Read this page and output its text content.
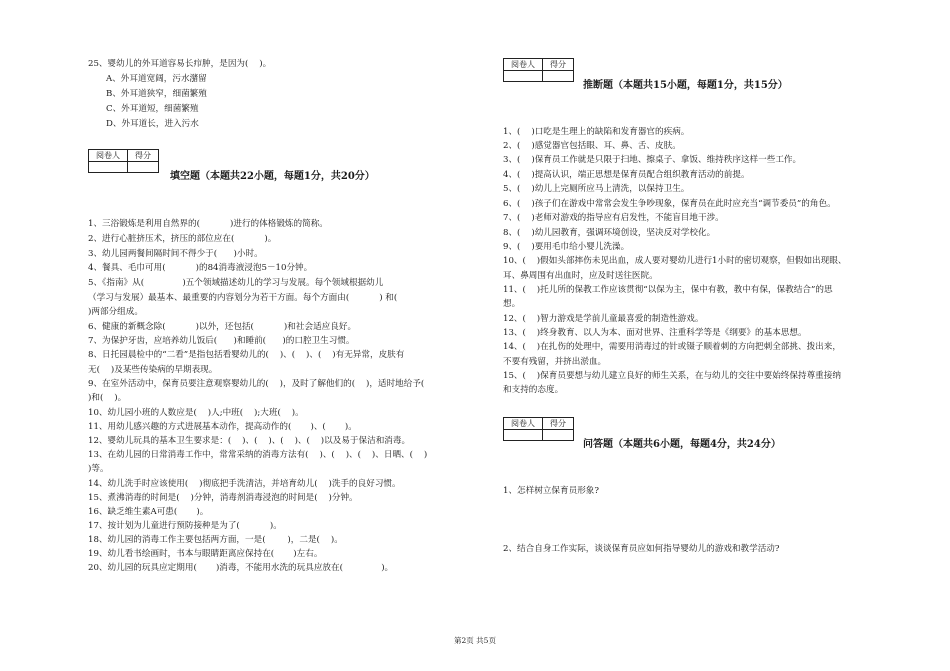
25、婴幼儿的外耳道容易长疖肿，是因为(    )。
A、外耳道宽阔，污水潴留
B、外耳道狭窄，细菌繁殖
C、外耳道短，细菌繁殖
D、外耳道长，进入污水
阅卷人	得分

填空题（本题共22小题，每题1分，共20分）
1、三浴锻炼是利用自然界的(           )进行的体格锻炼的简称。
2、进行心脏挤压术，挤压的部位应在(           )。
3、幼儿园两餐间隔时间不得少于(      )小时。
4、餐具、毛巾可用(           )的84消毒液浸泡5－10分钟。
5、《指南》从(              )五个领域描述幼儿的学习与发展。每个领域根据幼儿
（学习与发展）最基本、最重要的内容划分为若干方面。每个方面由(           ) 和(
)两部分组成。
6、健康的新概念除(           )以外，还包括(           )和社会适应良好。
7、为保护牙齿，应培养幼儿饭后(      )和睡前(      )的口腔卫生习惯。
8、日托园晨检中的“二看”是指包括看婴幼儿的(    )、(    )、(    )有无异常，皮肤有
无(    )及某些传染病的早期表现。
9、在室外活动中，保育员要注意观察婴幼儿的(    )，及时了解他们的(    )，适时地给予(
)和(    )。
10、幼儿园小班的人数应是(    )人;中班(    );大班(    )。
11、用幼儿感兴趣的方式进展基本动作，提高动作的(       )、(       )。
12、婴幼儿玩具的基本卫生要求是：(    )、(    )、(    )、(    )以及易于保洁和消毒。
13、在幼儿园的日常消毒工作中，常常采纳的消毒方法有(    )、(    )、(    )、日晒、(    )
)等。
14、幼儿洗手时应该使用(    )彻底把手洗清洁，并培育幼儿(    )洗手的良好习惯。
15、煮沸消毒的时间是(    )分钟，消毒剂消毒浸泡的时间是(    )分钟。
16、缺乏维生素A可患(       )。
17、按计划为儿童进行预防接种是为了(           )。
18、幼儿园的消毒工作主要包括两方面，一是(        )，二是(    )。
19、幼儿看书绘画时，书本与眼睛距离应保持在(       )左右。
20、幼儿园的玩具应定期用(       )消毒，不能用水洗的玩具应放在(              )。
阅卷人	得分

推断题（本题共15小题，每题1分，共15分）
1、(    )口吃是生理上的缺陷和发育器官的疾病。
2、(    )感觉器官包括眼、耳、鼻、舌、皮肤。
3、(    )保育员工作就是只限于扫地、擦桌子、拿饭、维持秩序这样一些工作。
4、(    )提高认识，端正思想是保育员配合组织教育活动的前提。
5、(    )幼儿上完厕所应马上清洗，以保持卫生。
6、(    )孩子们在游戏中常常会发生争吵现象，保育员在此时应充当“调节委员”的角色。
7、(    )老师对游戏的指导应有启发性，不能盲目地干涉。
8、(    )幼儿园教育，强调环境创设，坚决反对学校化。
9、(    )要用毛巾给小婴儿洗澡。
10、(    )假如头部摔伤未见出血，成人要对婴幼儿进行1小时的密切观察，但假如出现眼、
耳、鼻周围有出血时，应及时送往医院。
11、(    )托儿所的保教工作应该贯彻“以保为主，保中有教，教中有保，保教结合”的思
想。
12、(    )智力游戏是学前儿童最喜爱的制造性游戏。
13、(    )终身教育、以人为本、面对世界、注重科学等是《纲要》的基本思想。
14、(    )在扎伤的处理中，需要用消毒过的针或镊子顺着刺的方向把刺全部挑、拨出来，
不要有残留，并挤出淤血。
15、(    )保育员要想与幼儿建立良好的师生关系，在与幼儿的交往中要始终保持尊重接纳
和支持的态度。
阅卷人	得分

问答题（本题共6小题，每题4分，共24分）
1、怎样树立保育员形象?
2、结合自身工作实际，谈谈保育员应如何指导婴幼儿的游戏和教学活动?
第2页 共5页
